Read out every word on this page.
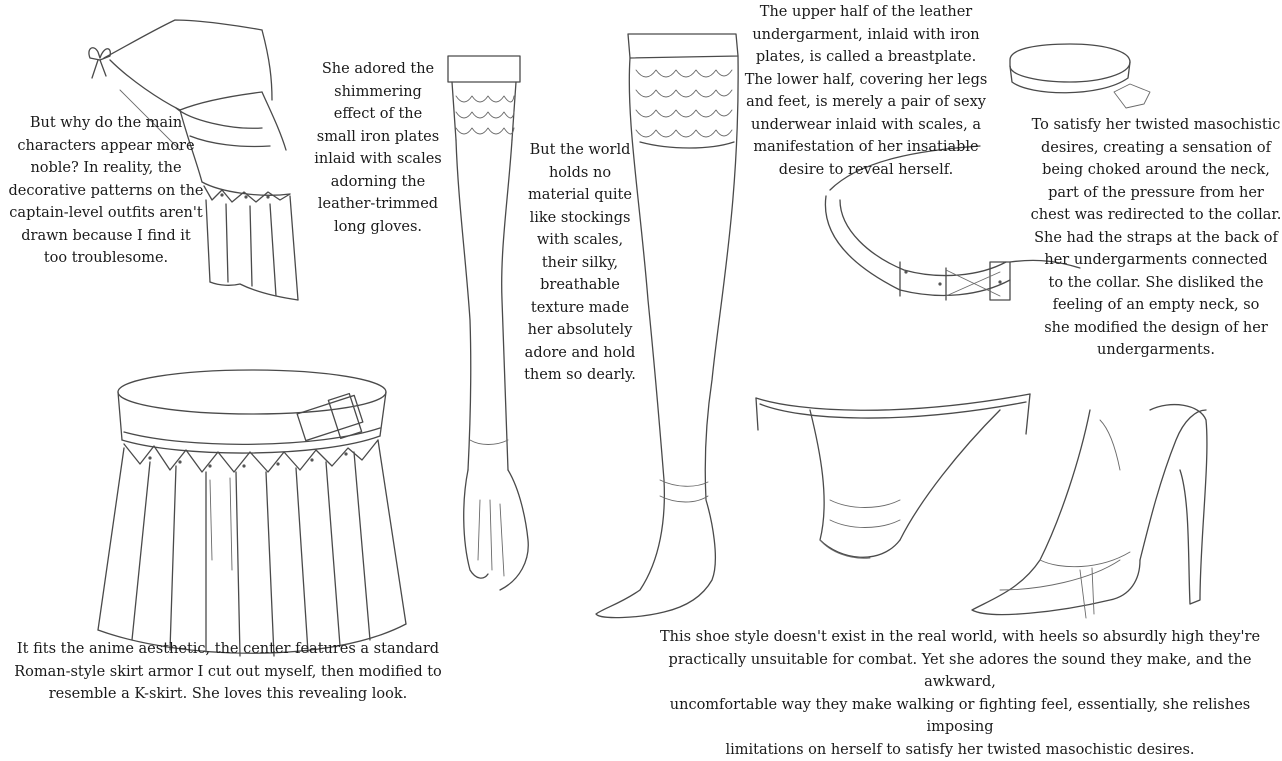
But why do the main
characters appear more
noble? In reality, the
decorative patterns on the
captain-level outfits aren't
drawn because I find it
too troublesome.
She adored the
shimmering
effect of the
small iron plates
inlaid with scales
adorning the
leather-trimmed
long gloves.
But the world
holds no
material quite
like stockings
with scales,
their silky,
breathable
texture made
her absolutely
adore and hold
them so dearly.
The upper half of the leather
undergarment, inlaid with iron
plates, is called a breastplate.
The lower half, covering her legs
and feet, is merely a pair of sexy
underwear inlaid with scales, a
manifestation of her insatiable
desire to reveal herself.
To satisfy her twisted masochistic
desires, creating a sensation of
being choked around the neck,
part of the pressure from her
chest was redirected to the collar.
She had the straps at the back of
her undergarments connected
to the collar. She disliked the
feeling of an empty neck, so
she modified the design of her
undergarments.
It fits the anime aesthetic, the center features a standard
Roman-style skirt armor I cut out myself, then modified to
resemble a K-skirt. She loves this revealing look.
This shoe style doesn't exist in the real world, with heels so absurdly high they're
practically unsuitable for combat. Yet she adores the sound they make, and the awkward,
uncomfortable way they make walking or fighting feel, essentially, she relishes imposing
limitations on herself to satisfy her twisted masochistic desires.
